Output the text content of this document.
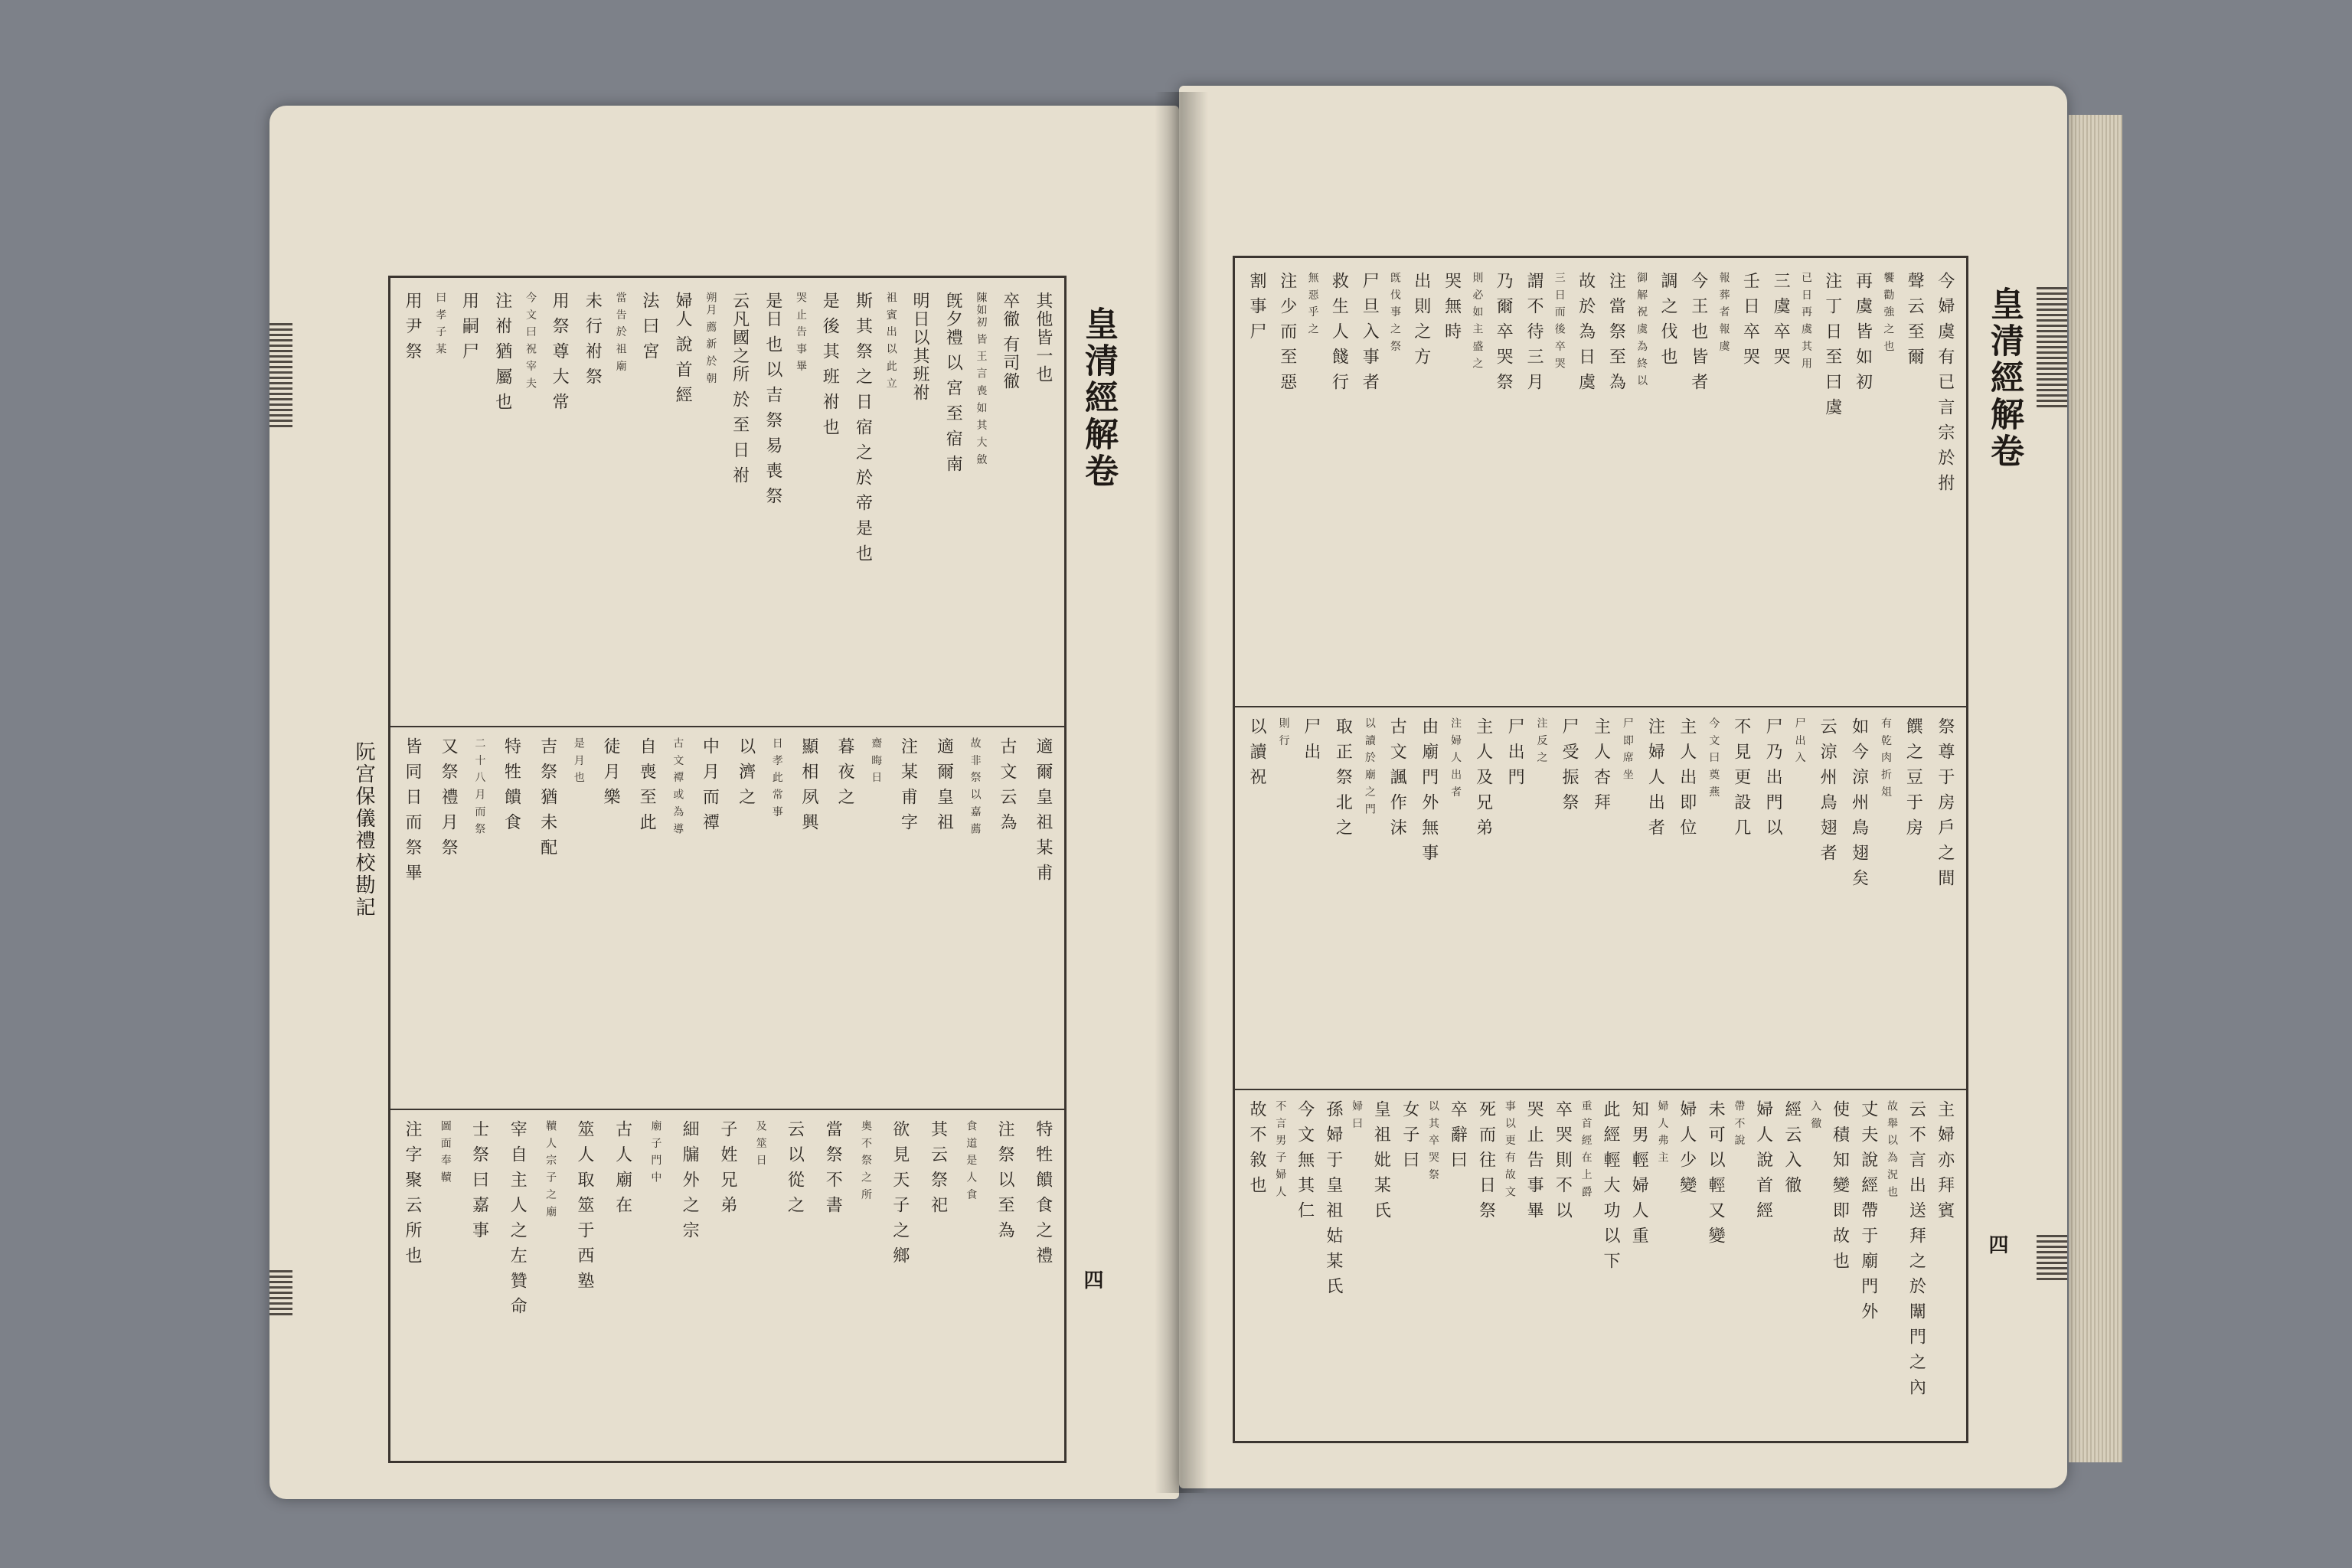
其他皆一也
卒徹 有司徹
陳如初 皆 王 言 喪 如 其 大 斂
旣夕禮 以 宮 至 宿 南
明日以其班祔
祖 賓 出 以 此 立
斯 其 祭 之 日 宿 之 於 帝 是 也
是 後 其 班 祔 也
哭 止 告 事 畢
是日 也 以 吉 祭 易 喪 祭
云凡國之所 於 至 日 祔
朔月 薦 新 於 朝
婦人 說 首 經
法 曰 宮
當 告 於 祖 廟
未 行 祔 祭
用 祭 尊 大 常
今 文 曰 祝 宰 夫
注 祔 猶 屬 也
用 嗣 尸
曰 孝 子 某
用 尹 祭
適 爾 皇 祖 某 甫
古 文 云 為
故 非 祭 以 嘉 薦
適 爾 皇 祖
注 某 甫 字
齋 晦 日
暮 夜 之
顯 相 夙 興
日 孝 此 常 事
以 濟 之
中 月 而 禫
古 文 禫 或 為 導
自 喪 至 此
徒 月 樂
是 月 也
吉 祭 猶 未 配
特 牲 饋 食
二 十 八 月 而 祭
又 祭 禮 月 祭
皆 同 日 而 祭 畢
特 牲 饋 食 之 禮
注 祭 以 至 為
食 道 是 人 食
其 云 祭 祀
欲 見 天 子 之 鄉
奧 不 祭 之 所
當 祭 不 書
云 以 從 之
及 筮 日
子 姓 兄 弟
細 牖 外 之 宗
廟 子 門 中
古 人 廟 在
筮 人 取 筮 于 西 塾
韇 人 宗 子 之 廟
宰 自 主 人 之 左 贊 命
士 祭 曰 嘉 事
圖 面 奉 韇
注 字 聚 云 所 也
皇清經解卷
四
阮宫保儀禮校勘記
今 婦 虞 有 已 言 宗 於 拊
聲 云 至 爾
饗 勸 強 之 也
再 虞 皆 如 初
注 丁 日 至 曰 虞
已 日 再 虞 其 用
三 虞 卒 哭
壬 日 卒 哭
報 葬 者 報 虞
今 王 也 皆 者
調 之 伐 也
御 解 祝 虞 為 終 以
注 當 祭 至 為
故 於 為 日 虞
三 日 而 後 卒 哭
謂 不 待 三 月
乃 爾 卒 哭 祭
則 必 如 主 盛 之
哭 無 時
出 則 之 方
旣 伐 事 之 祭
尸 旦 入 事 者
救 生 人 餞 行
無 惡 乎 之
注 少 而 至 惡
割 事 尸
祭 尊 于 房 戶 之 間
饌 之 豆 于 房
有 乾 肉 折 俎
如 今 涼 州 鳥 翅 矣
云 涼 州 鳥 翅 者
尸 出 入
尸 乃 出 門 以
不 見 更 設 几
今 文 曰 奠 燕
主 人 出 即 位
注 婦 人 出 者
尸 即 席 坐
主 人 杏 拜
尸 受 振 祭
注 反 之
尸 出 門
主 人 及 兄 弟
注 婦 人 出 者
由 廟 門 外 無 事
古 文 諷 作 沫
以 讀 於 廟 之 門
取 正 祭 北 之
尸 出
則 行
以 讀 祝
主 婦 亦 拜 賓
云 不 言 出 送 拜 之 於 闈 門 之 內
故 舉 以 為 況 也
丈 夫 說 經 帶 于 廟 門 外
使 積 知 變 即 故 也
入 徹
經 云 入 徹
婦 人 說 首 經
帶 不 說
未 可 以 輕 又 變
婦 人 少 變
婦 人 弗 主
知 男 輕 婦 人 重
此 經 輕 大 功 以 下
重 首 經 在 上 爵
卒 哭 則 不 以
哭 止 告 事 畢
事 以 更 有 故 文
死 而 往 日 祭
卒 辭 曰
以 其 卒 哭 祭
女 子 曰
皇 祖 妣 某 氏
婦 曰
孫 婦 于 皇 祖 姑 某 氏
今 文 無 其 仁
不 言 男 子 婦 人
故 不 敘 也
皇清經解卷
四
